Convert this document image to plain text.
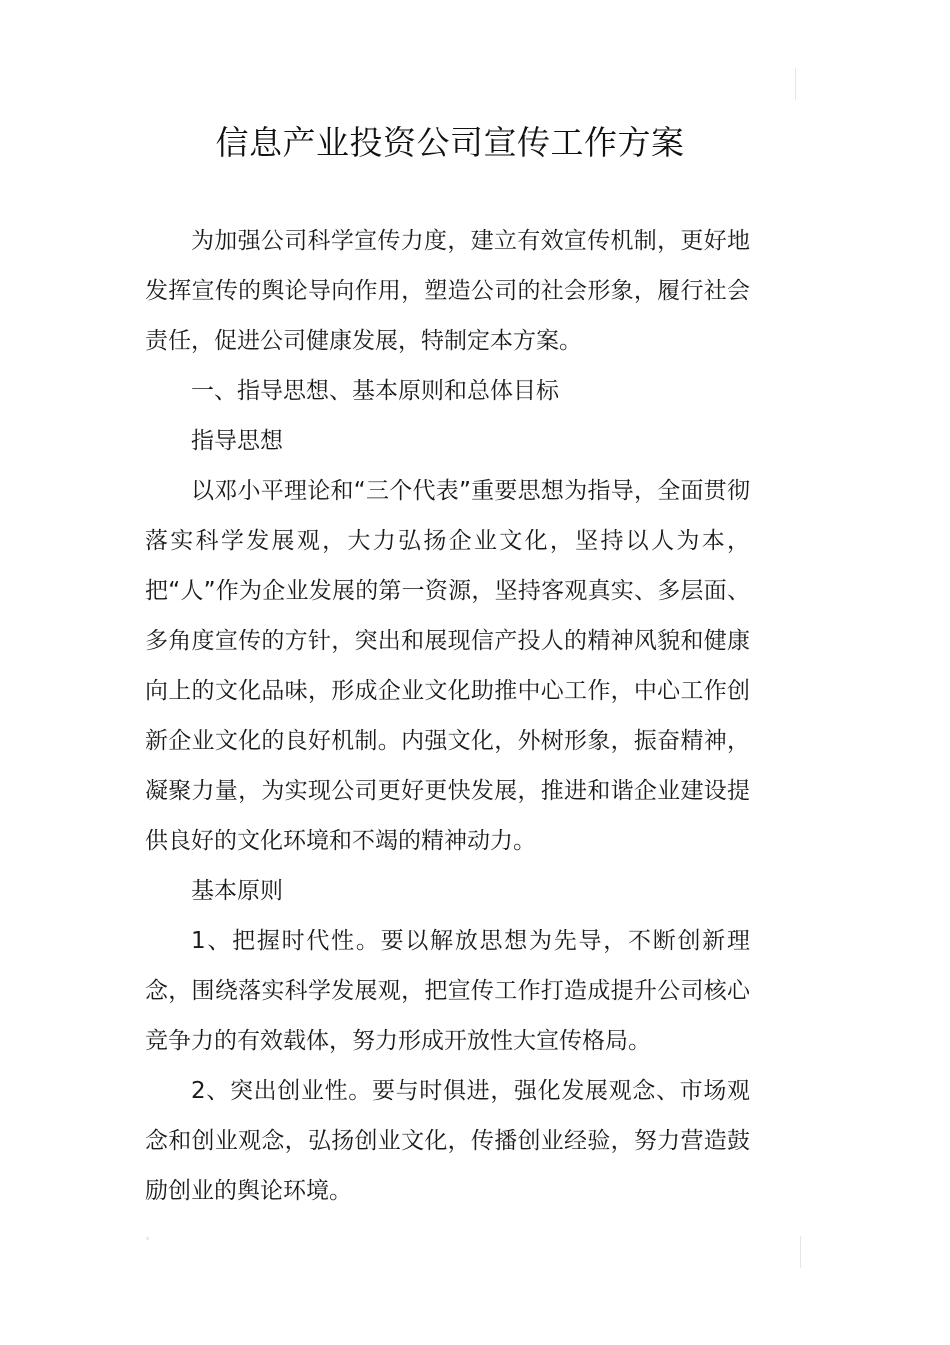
信息产业投资公司宣传工作方案

为加强公司科学宣传力度，建立有效宣传机制，更好地发挥宣传的舆论导向作用，塑造公司的社会形象，履行社会责任，促进公司健康发展，特制定本方案。

一、指导思想、基本原则和总体目标

指导思想

以邓小平理论和“三个代表”重要思想为指导，全面贯彻落实科学发展观，大力弘扬企业文化，坚持以人为本，把“人”作为企业发展的第一资源，坚持客观真实、多层面、多角度宣传的方针，突出和展现信产投人的精神风貌和健康向上的文化品味，形成企业文化助推中心工作，中心工作创新企业文化的良好机制。内强文化，外树形象，振奋精神，凝聚力量，为实现公司更好更快发展，推进和谐企业建设提供良好的文化环境和不竭的精神动力。

基本原则

1、把握时代性。要以解放思想为先导，不断创新理念，围绕落实科学发展观，把宣传工作打造成提升公司核心竞争力的有效载体，努力形成开放性大宣传格局。

2、突出创业性。要与时俱进，强化发展观念、市场观念和创业观念，弘扬创业文化，传播创业经验，努力营造鼓励创业的舆论环境。
